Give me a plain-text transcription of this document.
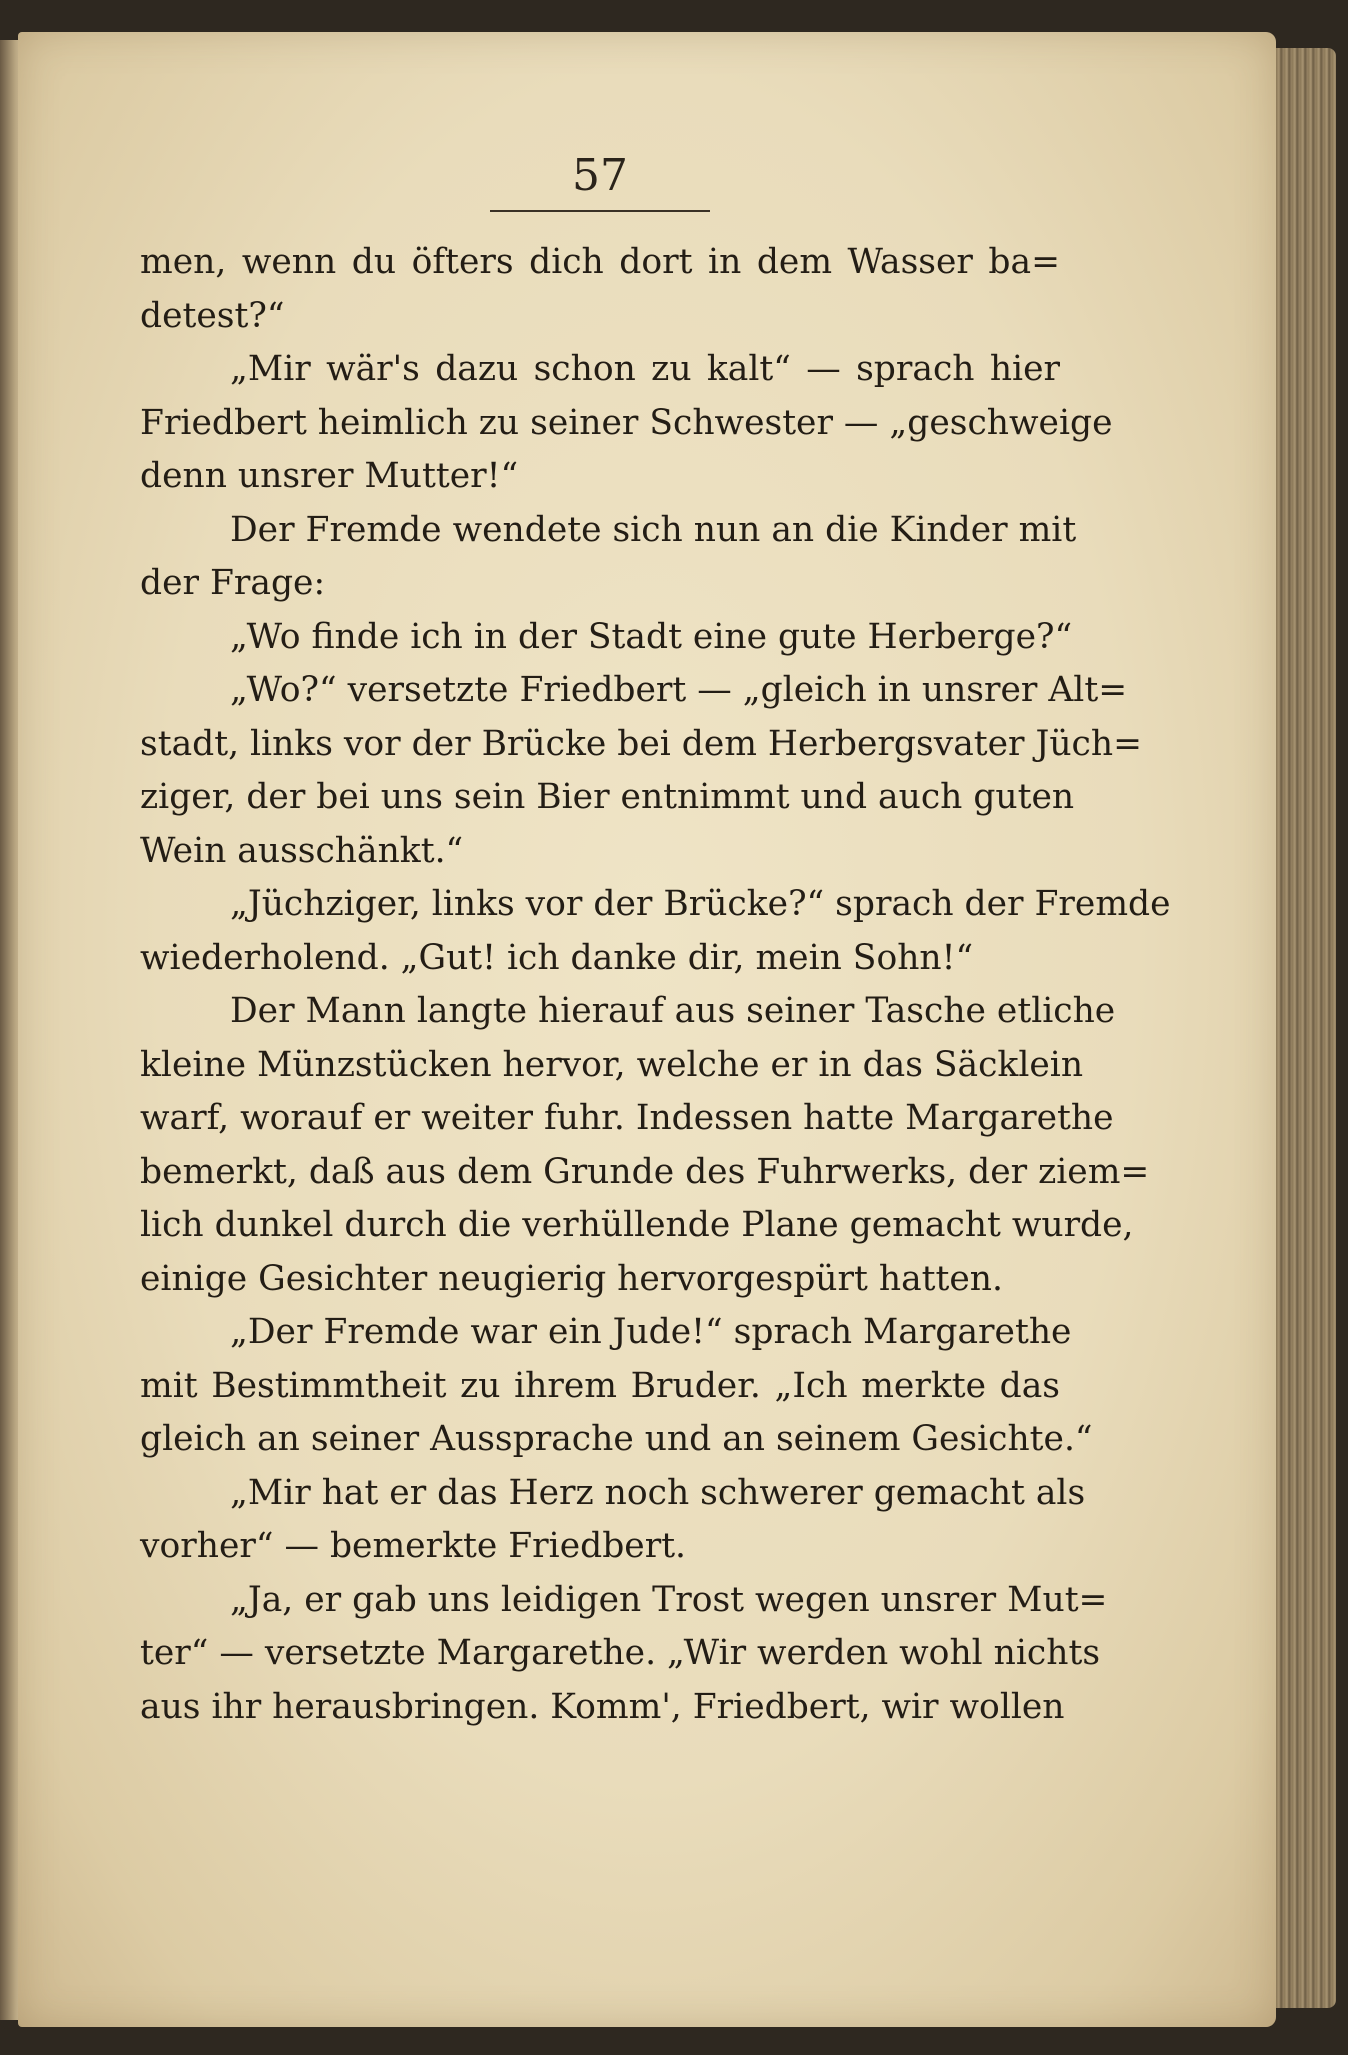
57
men, wenn du öfters dich dort in dem Wasser ba=
detest?“
„Mir wär's dazu schon zu kalt“ — sprach hier
Friedbert heimlich zu seiner Schwester — „geschweige
denn unsrer Mutter!“
Der Fremde wendete sich nun an die Kinder mit
der Frage:
„Wo finde ich in der Stadt eine gute Herberge?“
„Wo?“ versetzte Friedbert — „gleich in unsrer Alt=
stadt, links vor der Brücke bei dem Herbergsvater Jüch=
ziger, der bei uns sein Bier entnimmt und auch guten
Wein ausschänkt.“
„Jüchziger, links vor der Brücke?“ sprach der Fremde
wiederholend. „Gut! ich danke dir, mein Sohn!“
Der Mann langte hierauf aus seiner Tasche etliche
kleine Münzstücken hervor, welche er in das Säcklein
warf, worauf er weiter fuhr. Indessen hatte Margarethe
bemerkt, daß aus dem Grunde des Fuhrwerks, der ziem=
lich dunkel durch die verhüllende Plane gemacht wurde,
einige Gesichter neugierig hervorgespürt hatten.
„Der Fremde war ein Jude!“ sprach Margarethe
mit Bestimmtheit zu ihrem Bruder. „Ich merkte das
gleich an seiner Aussprache und an seinem Gesichte.“
„Mir hat er das Herz noch schwerer gemacht als
vorher“ — bemerkte Friedbert.
„Ja, er gab uns leidigen Trost wegen unsrer Mut=
ter“ — versetzte Margarethe. „Wir werden wohl nichts
aus ihr herausbringen. Komm', Friedbert, wir wollen
